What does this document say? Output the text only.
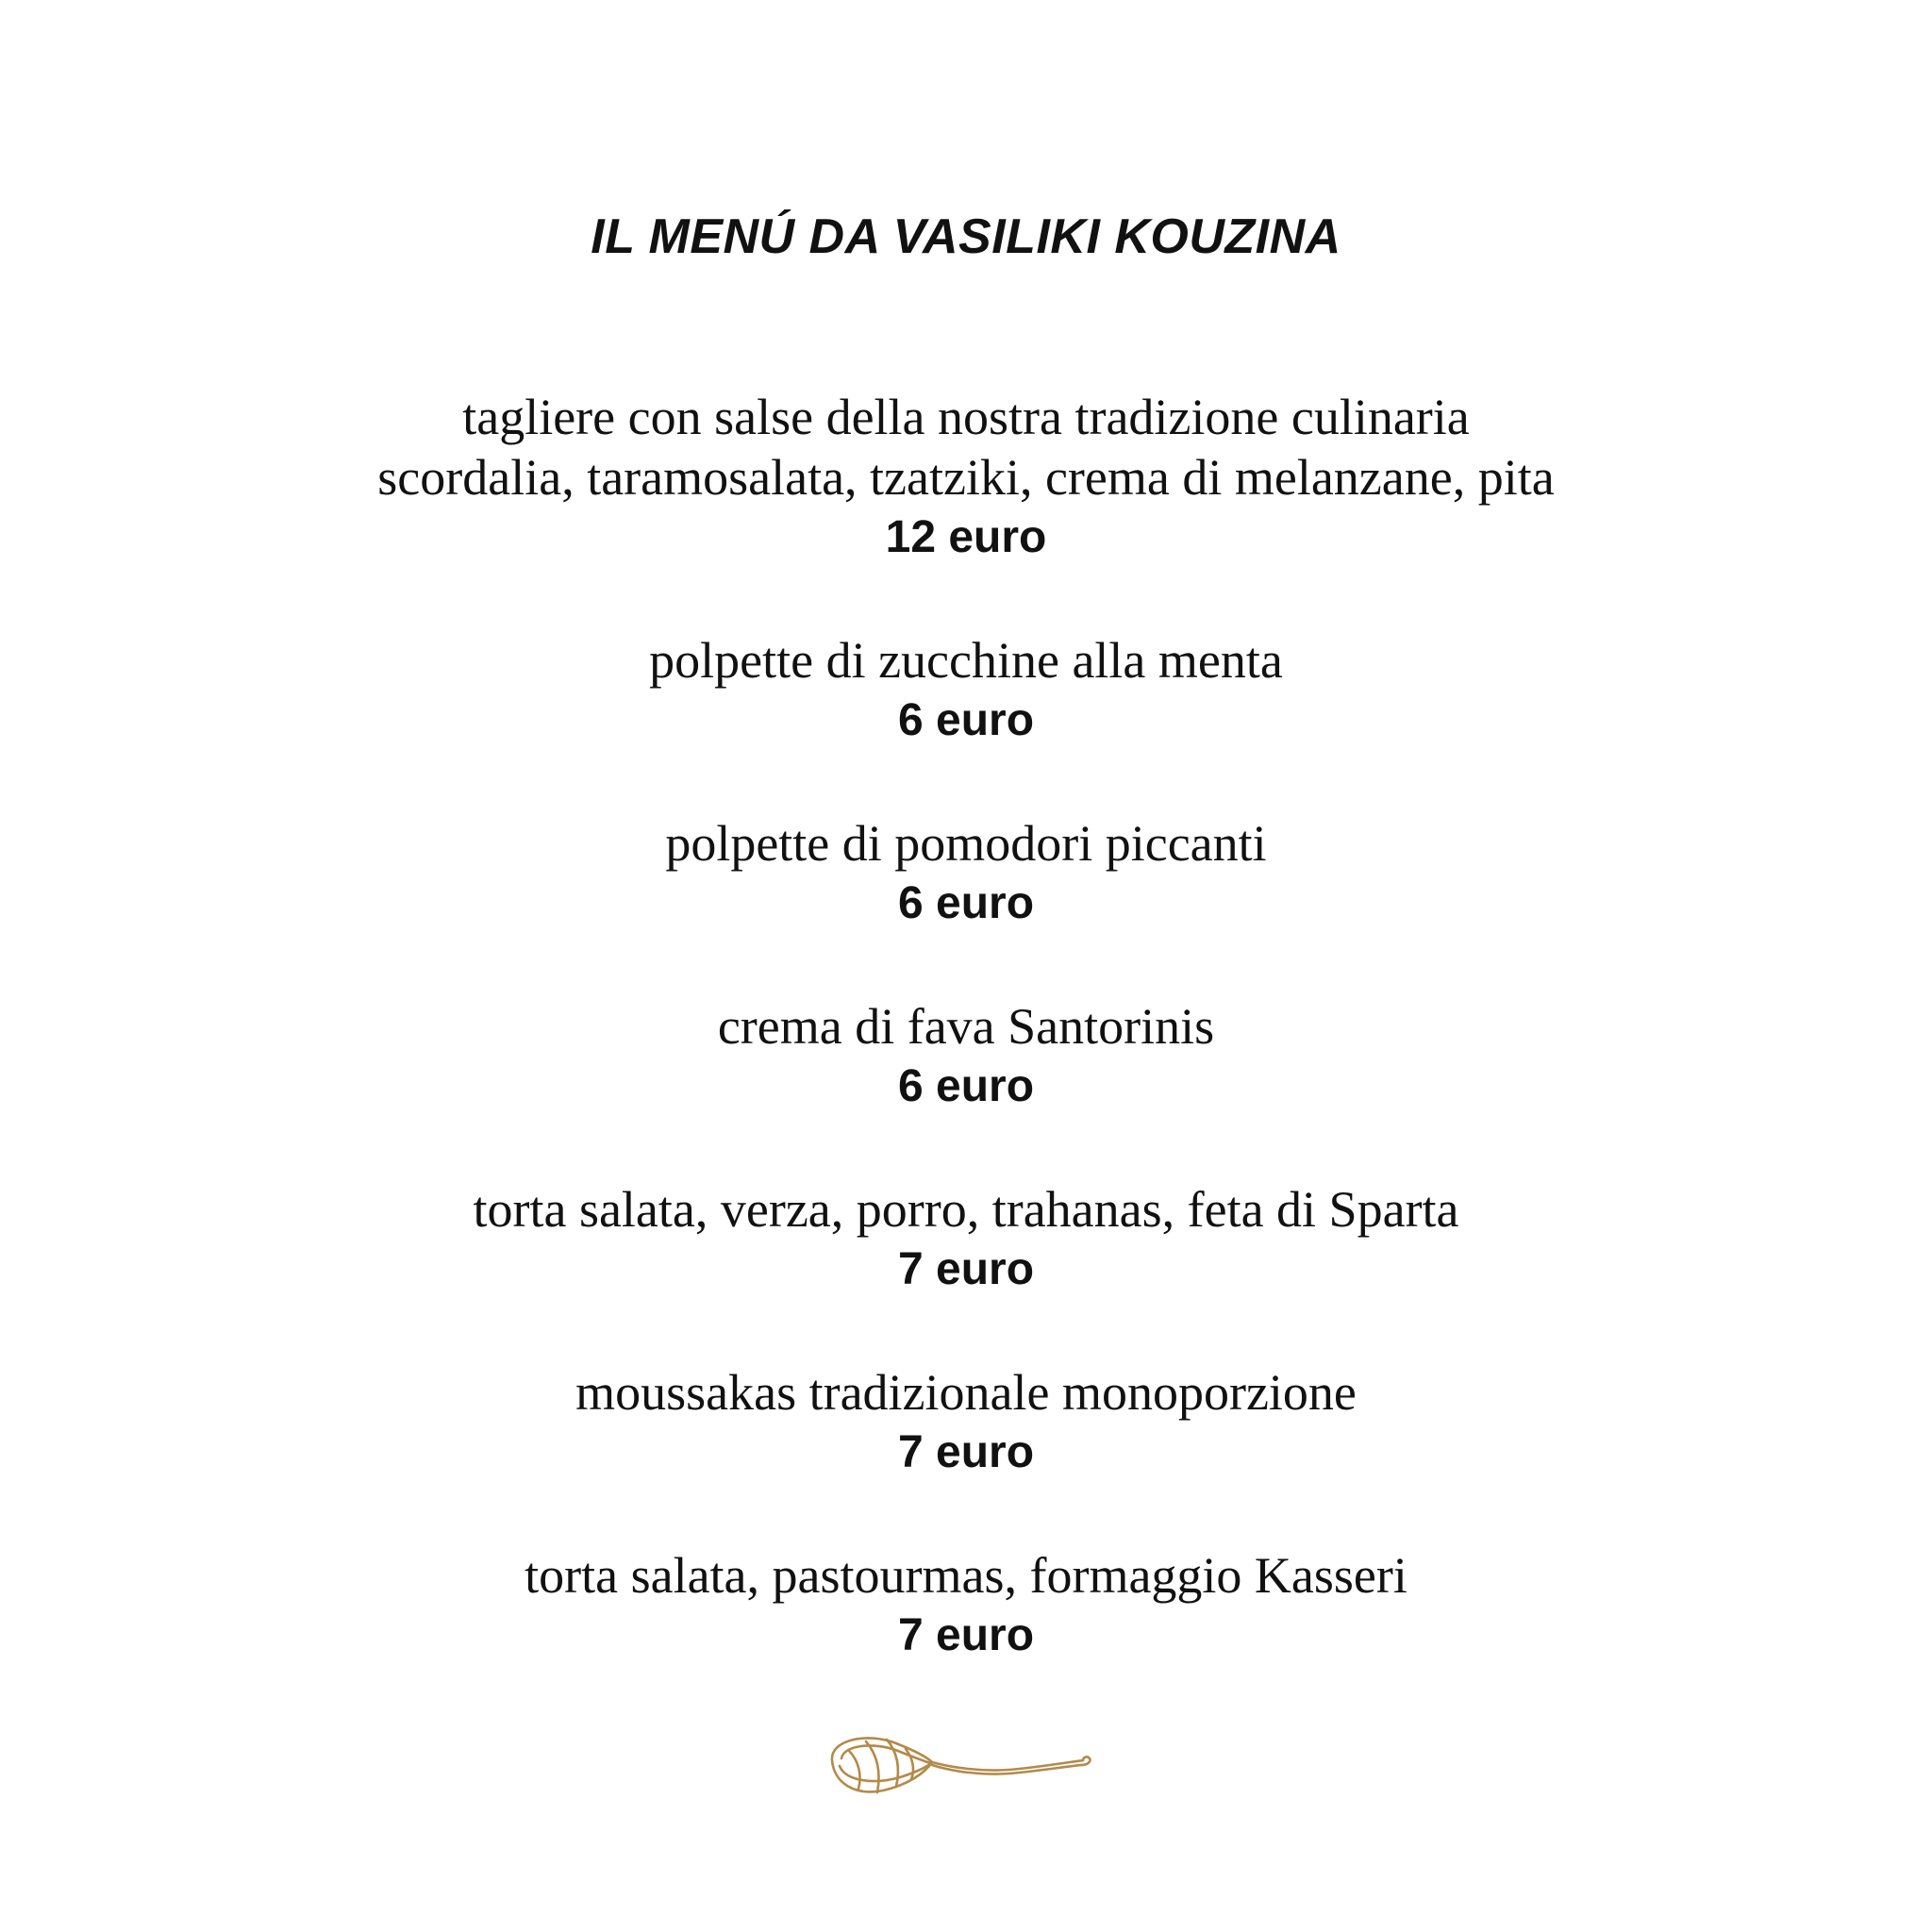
IL MENÚ DA VASILIKI KOUZINA
tagliere con salse della nostra tradizione culinaria
scordalia, taramosalata, tzatziki, crema di melanzane, pita
12 euro
polpette di zucchine alla menta
6 euro
polpette di pomodori piccanti
6 euro
crema di fava Santorinis
6 euro
torta salata, verza, porro, trahanas, feta di Sparta
7 euro
moussakas tradizionale monoporzione
7 euro
torta salata, pastourmas, formaggio Kasseri
7 euro
